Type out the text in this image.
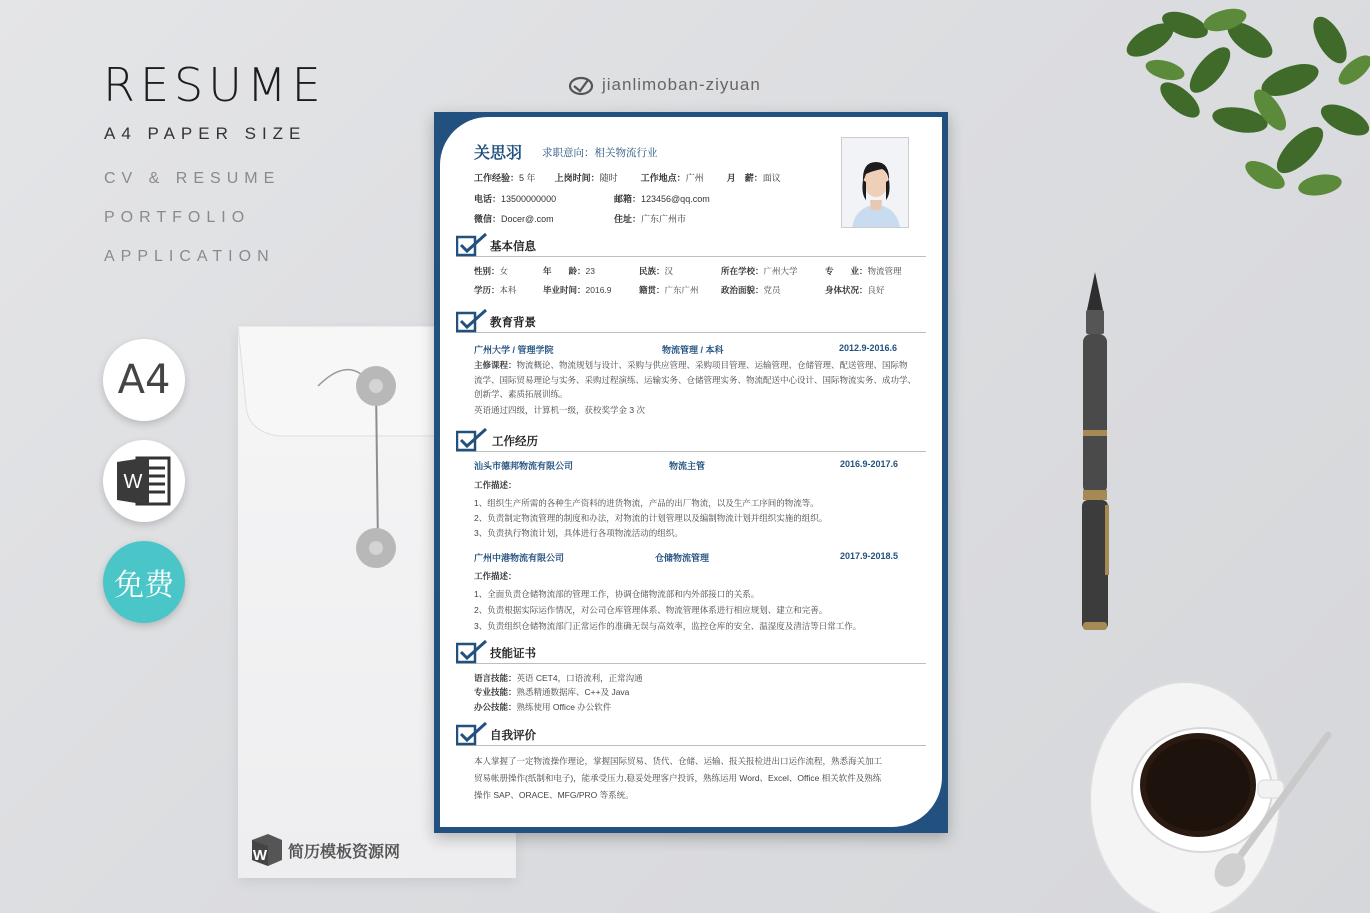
RESUME
A4 PAPER SIZE
CV & RESUME
PORTFOLIO
APPLICATION
A4
W
免费
W 简历模板资源网
jianlimoban-ziyuan
关思羽 求职意向：相关物流行业
工作经验：5 年 上岗时间：随时	工作地点：广州	月　薪：面议
电话：13500000000	邮箱：123456@qq.com
微信：Docer@.com	住址：广东广州市
基本信息
性别：女	年　　龄：23	民族：汉	所在学校：广州大学	专　　业：物流管理
学历：本科	毕业时间：2016.9	籍贯：广东广州	政治面貌：党员	身体状况：良好
教育背景
广州大学 / 管理学院	物流管理 / 本科	2012.9-2016.6
主修课程：物流概论、物流规划与设计、采购与供应管理、采购项目管理、运输管理、仓储管理、配送管理、国际物流学、国际贸易理论与实务、采购过程演练、运输实务、仓储管理实务、物流配送中心设计、国际物流实务、成功学、创新学、素质拓展训练。
英语通过四级，计算机一级，获校奖学金 3 次
工作经历
汕头市德邦物流有限公司	物流主管	2016.9-2017.6
工作描述：
1、组织生产所需的各种生产资料的进货物流，产品的出厂物流，以及生产工序间的物流等。
2、负责制定物流管理的制度和办法，对物流的计划管理以及编制物流计划并组织实施的组织。
3、负责执行物流计划，具体进行各项物流活动的组织。
广州中港物流有限公司	仓储物流管理	2017.9-2018.5
工作描述：
1、全面负责仓储物流部的管理工作，协调仓储物流部和内外部接口的关系。
2、负责根据实际运作情况，对公司仓库管理体系、物流管理体系进行相应规划、建立和完善。
3、负责组织仓储物流部门正常运作的准确无误与高效率，监控仓库的安全、温湿度及清洁等日常工作。
技能证书
语言技能：英语 CET4，口语流利，正常沟通
专业技能：熟悉精通数据库、C++及 Java
办公技能：熟练使用 Office 办公软件
自我评价
本人掌握了一定物流操作理论，掌握国际贸易、货代、仓储、运输、报关报检进出口运作流程，熟悉海关加工贸易帐册操作(纸制和电子)，能承受压力,稳妥处理客户投诉，熟练运用 Word、Excel、Office 相关软件及熟练操作 SAP、ORACE、MFG/PRO 等系统。
